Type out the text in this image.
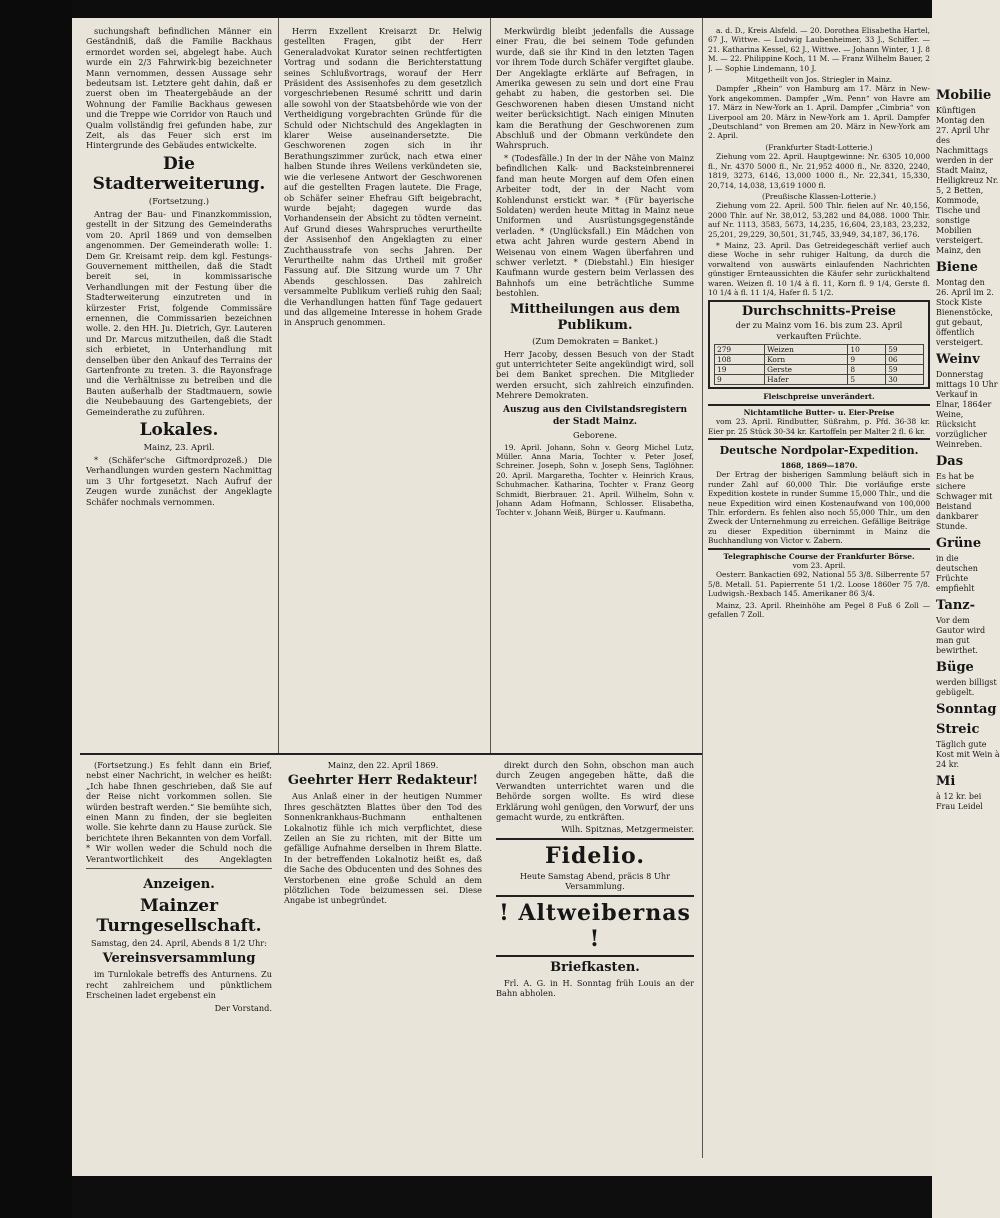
suchungshaft befindlichen Männer ein Geständniß, daß die Familie Backhaus ermordet worden sei, abgelegt habe. Auch wurde ein 2/3 Fahrwirk-big bezeichneter Mann vernommen, dessen Aussage sehr bedeutsam ist. Letztere geht dahin, daß er zuerst oben im Theatergebäude an der Wohnung der Familie Backhaus gewesen und die Treppe wie Corridor von Rauch und Qualm vollständig frei gefunden habe, zur Zeit, als das Feuer sich erst im Hintergrunde des Gebäudes entwickelte.

Die Stadterweiterung.
(Fortsetzung.)

Antrag der Bau- und Finanzkommission, gestellt in der Sitzung des Gemeinderaths vom 20. April 1869 und von demselben angenommen. Der Gemeinderath wolle: 1. Dem Gr. Kreisamt reip. dem kgl. Festungs-Gouvernement mittheilen, daß die Stadt bereit sei, in kommissarische Verhandlungen mit der Festung über die Stadterweiterung einzutreten und in kürzester Frist, folgende Commissäre ernennen, die Commissarien bezeichnen wolle. 2. den HH. Ju. Dietrich, Gyr. Lauteren und Dr. Marcus mitzutheilen, daß die Stadt sich erbietet, in Unterhandlung mit denselben über den Ankauf des Terrains der Gartenfronte zu treten. 3. die Rayonsfrage und die Verhältnisse zu betreiben und die Bauten außerhalb der Stadtmauern, sowie die Neubebauung des Gartengebiets, der Gemeinderathe zu zuführen.

Lokales.
Mainz, 23. April.

* (Schäfer'sche Giftmordprozeß.) Die Verhandlungen wurden gestern Nachmittag um 3 Uhr fortgesetzt. Nach Aufruf der Zeugen wurde zunächst der Angeklagte Schäfer nochmals vernommen.

Herrn Exzellent Kreisarzt Dr. Helwig gestellten Fragen, gibt der Herr Generaladvokat Kurator seinen rechtfertigten Vortrag und sodann die Berichterstattung seines Schlußvortrags, worauf der Herr Präsident des Assisenhofes zu dem gesetzlich vorgeschriebenen Resumé schritt und darin alle sowohl von der Staatsbehörde wie von der Vertheidigung vorgebrachten Gründe für die Schuld oder Nichtschuld des Angeklagten in klarer Weise auseinandersetzte. Die Geschworenen zogen sich in ihr Berathungszimmer zurück, nach etwa einer halben Stunde ihres Weilens verkündeten sie, wie die verlesene Antwort der Geschworenen auf die gestellten Fragen lautete. Die Frage, ob Schäfer seiner Ehefrau Gift beigebracht, wurde bejaht; dagegen wurde das Vorhandensein der Absicht zu tödten verneint. Auf Grund dieses Wahrspruches verurtheilte der Assisenhof den Angeklagten zu einer Zuchthausstrafe von sechs Jahren. Der Verurtheilte nahm das Urtheil mit großer Fassung auf. Die Sitzung wurde um 7 Uhr Abends geschlossen. Das zahlreich versammelte Publikum verließ ruhig den Saal; die Verhandlungen hatten fünf Tage gedauert und das allgemeine Interesse in hohem Grade in Anspruch genommen.

Merkwürdig bleibt jedenfalls die Aussage einer Frau, die bei seinem Tode gefunden wurde, daß sie ihr Kind in den letzten Tagen vor ihrem Tode durch Schäfer vergiftet glaube. Der Angeklagte erklärte auf Befragen, in Amerika gewesen zu sein und dort eine Frau gehabt zu haben, die gestorben sei. Die Geschworenen haben diesen Umstand nicht weiter berücksichtigt. Nach einigen Minuten kam die Berathung der Geschworenen zum Abschluß und der Obmann verkündete den Wahrspruch.

* (Todesfälle.) In der in der Nähe von Mainz befindlichen Kalk- und Backsteinbrennerei fand man heute Morgen auf dem Ofen einen Arbeiter todt, der in der Nacht vom Kohlendunst erstickt war. * (Für bayerische Soldaten) werden heute Mittag in Mainz neue Uniformen und Ausrüstungsgegenstände verladen. * (Unglücksfall.) Ein Mädchen von etwa acht Jahren wurde gestern Abend in Weisenau von einem Wagen überfahren und schwer verletzt. * (Diebstahl.) Ein hiesiger Kaufmann wurde gestern beim Verlassen des Bahnhofs um eine beträchtliche Summe bestohlen.

Mittheilungen aus dem Publikum.
(Zum Demokraten = Banket.)

Herr Jacoby, dessen Besuch von der Stadt gut unterrichteter Seite angekündigt wird, soll bei dem Banket sprechen. Die Mitglieder werden ersucht, sich zahlreich einzufinden. Mehrere Demokraten.

Auszug aus den Civilstandsregistern der Stadt Mainz.
Geborene.

19. April. Johann, Sohn v. Georg Michel Lutz, Müller. Anna Maria, Tochter v. Peter Josef, Schreiner. Joseph, Sohn v. Joseph Sens, Taglöhner. 20. April. Margaretha, Tochter v. Heinrich Kraus, Schuhmacher. Katharina, Tochter v. Franz Georg Schmidt, Bierbrauer. 21. April. Wilhelm, Sohn v. Johann Adam Hofmann, Schlosser. Elisabetha, Tochter v. Johann Weiß, Bürger u. Kaufmann.

a. d. D., Kreis Alsfeld. — 20. Dorothea Elisabetha Hartel, 67 J., Wittwe. — Ludwig Laubenheimer, 33 J., Schiffer. — 21. Katharina Kessel, 62 J., Wittwe. — Johann Winter, 1 J. 8 M. — 22. Philippine Koch, 11 M. — Franz Wilhelm Bauer, 2 J. — Sophie Lindemann, 10 J.

Mitgetheilt von Jos. Striegler in Mainz.

Dampfer „Rhein“ von Hamburg am 17. März in New-York angekommen. Dampfer „Wm. Penn“ von Havre am 17. März in New-York an 1. April. Dampfer „Cimbria“ von Liverpool am 20. März in New-York am 1. April. Dampfer „Deutschland“ von Bremen am 20. März in New-York am 2. April.

(Frankfurter Stadt-Lotterie.)

Ziehung vom 22. April. Hauptgewinne: Nr. 6305 10,000 fl., Nr. 4370 5000 fl., Nr. 21,952 4000 fl., Nr. 8320, 2240, 1819, 3273, 6146, 13,000 1000 fl., Nr. 22,341, 15,330, 20,714, 14,038, 13,619 1000 fl.

(Preußische Klassen-Lotterie.)

Ziehung vom 22. April. 500 Thlr. fielen auf Nr. 40,156, 2000 Thlr. auf Nr. 38,012, 53,282 und 84,088. 1000 Thlr. auf Nr. 1113, 3583, 5673, 14,235, 16,604, 23,183, 23,232, 25,201, 29,229, 30,501, 31,745, 33,949, 34,187, 36,176.

* Mainz, 23. April. Das Getreidegeschäft verlief auch diese Woche in sehr ruhiger Haltung, da durch die vorwaltend von auswärts einlaufenden Nachrichten günstiger Ernteaussichten die Käufer sehr zurückhaltend waren. Weizen fl. 10 1/4 à fl. 11, Korn fl. 9 1/4, Gerste fl. 10 1/4 à fl. 11 1/4, Hafer fl. 5 1/2.

Durchschnitts-Preise
der zu Mainz vom 16. bis zum 23. April verkauften Früchte.
279	Weizen	10	59
108	Korn	9	06
19	Gerste	8	59
9	Hafer	5	30
Fleischpreise unverändert.
Nichtamtliche Butter- u. Eier-Preise

vom 23. April. Rindbutter, Süßrahm, p. Pfd. 36-38 kr. Eier pr. 25 Stück 30-34 kr. Kartoffeln per Malter 2 fl. 6 kr.

Deutsche Nordpolar-Expedition.
1868, 1869—1870.

Der Ertrag der bisherigen Sammlung beläuft sich in runder Zahl auf 60,000 Thlr. Die vorläufige erste Expedition kostete in runder Summe 15,000 Thlr., und die neue Expedition wird einen Kostenaufwand von 100,000 Thlr. erfordern. Es fehlen also noch 55,000 Thlr., um den Zweck der Unternehmung zu erreichen. Gefällige Beiträge zu dieser Expedition übernimmt in Mainz die Buchhandlung von Victor v. Zabern.

Telegraphische Course der Frankfurter Börse.
vom 23. April.

Oesterr. Bankactien 692, National 55 3/8. Silberrente 57 5/8. Metall. 51. Papierrente 51 1/2. Loose 1860er 75 7/8. Ludwigsh.-Bexbach 145. Amerikaner 86 3/4.

Mainz, 23. April. Rheinhöhe am Pegel 8 Fuß 6 Zoll — gefallen 7 Zoll.

(Fortsetzung.) Es fehlt dann ein Brief, nebst einer Nachricht, in welcher es heißt: „Ich habe Ihnen geschrieben, daß Sie auf der Reise nicht vorkommen sollen. Sie würden bestraft werden.“ Sie bemühte sich, einen Mann zu finden, der sie begleiten wolle. Sie kehrte dann zu Hause zurück. Sie berichtete ihren Bekannten von dem Vorfall. * Wir wollen weder die Schuld noch die Verantwortlichkeit des Angeklagten

Anzeigen.
Mainzer Turngesellschaft.
Samstag, den 24. April, Abends 8 1/2 Uhr:
Vereinsversammlung

im Turnlokale betreffs des Anturnens. Zu recht zahlreichem und pünktlichem Erscheinen ladet ergebenst ein

Der Vorstand.
Mainz, den 22. April 1869.
Geehrter Herr Redakteur!

Aus Anlaß einer in der heutigen Nummer Ihres geschätzten Blattes über den Tod des Sonnenkrankhaus-Buchmann enthaltenen Lokalnotiz fühle ich mich verpflichtet, diese Zeilen an Sie zu richten, mit der Bitte um gefällige Aufnahme derselben in Ihrem Blatte. In der betreffenden Lokalnotiz heißt es, daß die Sache des Obducenten und des Sohnes des Verstorbenen eine große Schuld an dem plötzlichen Tode beizumessen sei. Diese Angabe ist unbegründet.

direkt durch den Sohn, obschon man auch durch Zeugen angegeben hätte, daß die Verwandten unterrichtet waren und die Behörde sorgen wollte. Es wird diese Erklärung wohl genügen, den Vorwurf, der uns gemacht wurde, zu entkräften.

Wilh. Spitznas, Metzgermeister.
Fidelio.
Heute Samstag Abend, präcis 8 Uhr Versammlung.
! Altweibernas !
Briefkasten.

Frl. A. G. in H. Sonntag früh Louis an der Bahn abholen.

Mobilie
Künftigen Montag den 27. April Uhr des Nachmittags werden in der Stadt Mainz, Heiligkreuz Nr. 5, 2 Betten, Kommode, Tische und sonstige Mobilien versteigert.
Mainz, den
Biene
Montag den 26. April im 2. Stock Kiste Bienenstöcke, gut gebaut, öffentlich versteigert.
Weinv
Donnerstag mittags 10 Uhr Verkauf in Elnar, 1864er Weine, Rücksicht vorzüglicher Weinreben.
Das
Es hat be sichere Schwager mit Beistand dankbarer Stunde.
Grüne
in die deutschen Früchte empfiehlt
Tanz-
Vor dem Gautor wird man gut bewirthet.
Büge
werden billigst gebügelt.
Sonntag
Streic
Täglich gute Kost mit Wein à 24 kr.
Mi
à 12 kr. bei Frau Leidel
